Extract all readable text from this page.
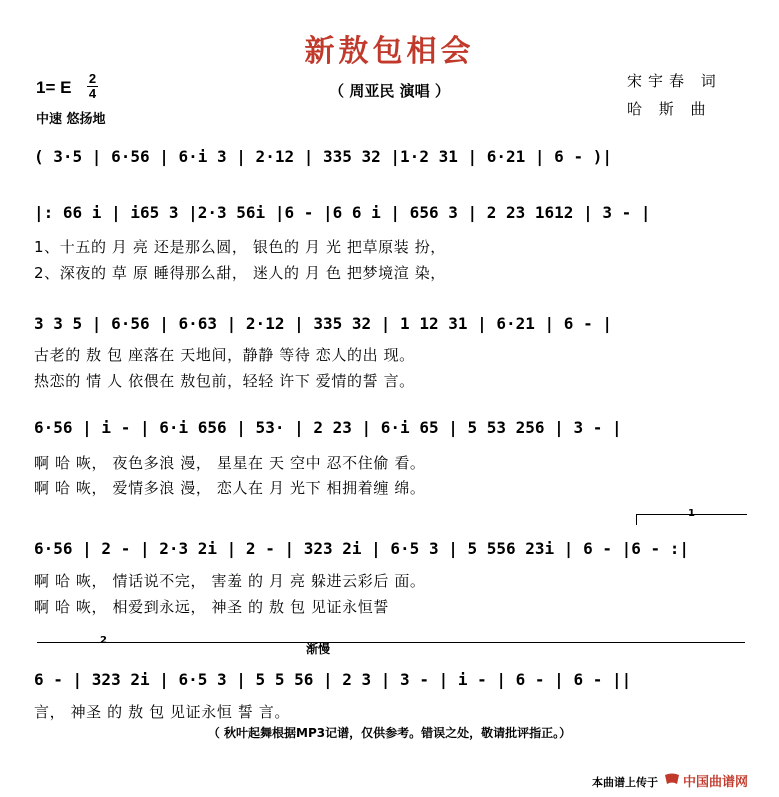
新敖包相会
（ 周亚民 演唱 ）
1= E 2
4
中速 悠扬地
宋宇春 词
哈 斯 曲
( 3·5 | 6·56 | 6·i 3 | 2·12 | 335 32 |1·2 31 | 6·21 | 6 - )|
|: 66 i | i65 3 |2·3 56i |6 - |6 6 i | 656 3 | 2 23 1612 | 3 - |
1、十五的 月 亮 还是那么圆， 银色的 月 光 把草原装 扮，
2、深夜的 草 原 睡得那么甜， 迷人的 月 色 把梦境渲 染，
3 3 5 | 6·56 | 6·63 | 2·12 | 335 32 | 1 12 31 | 6·21 | 6 - |
古老的 敖 包 座落在 天地间，静静 等待 恋人的出 现。
热恋的 情 人 依偎在 敖包前，轻轻 许下 爱情的誓 言。
6·56 | i - | 6·i 656 | 53· | 2 23 | 6·i 65 | 5 53 256 | 3 - |
啊 哈 咴， 夜色多浪 漫， 星星在 天 空中 忍不住偷 看。
啊 哈 咴， 爱情多浪 漫， 恋人在 月 光下 相拥着缠 绵。
1
6·56 | 2 - | 2·3 2i | 2 - | 323 2i | 6·5 3 | 5 556 23i | 6 - |6 - :|
啊 哈 咴， 情话说不完， 害羞 的 月 亮 躲进云彩后 面。
啊 哈 咴， 相爱到永远， 神圣 的 敖 包 见证永恒誓
2
渐慢
6 - | 323 2i | 6·5 3 | 5 5 56 | 2 3 | 3 - | i - | 6 - | 6 - ||
言， 神圣 的 敖 包 见证永恒 誓 言。
（ 秋叶起舞根据MP3记谱，仅供参考。错误之处，敬请批评指正。）
本曲谱上传于 中国曲谱网
